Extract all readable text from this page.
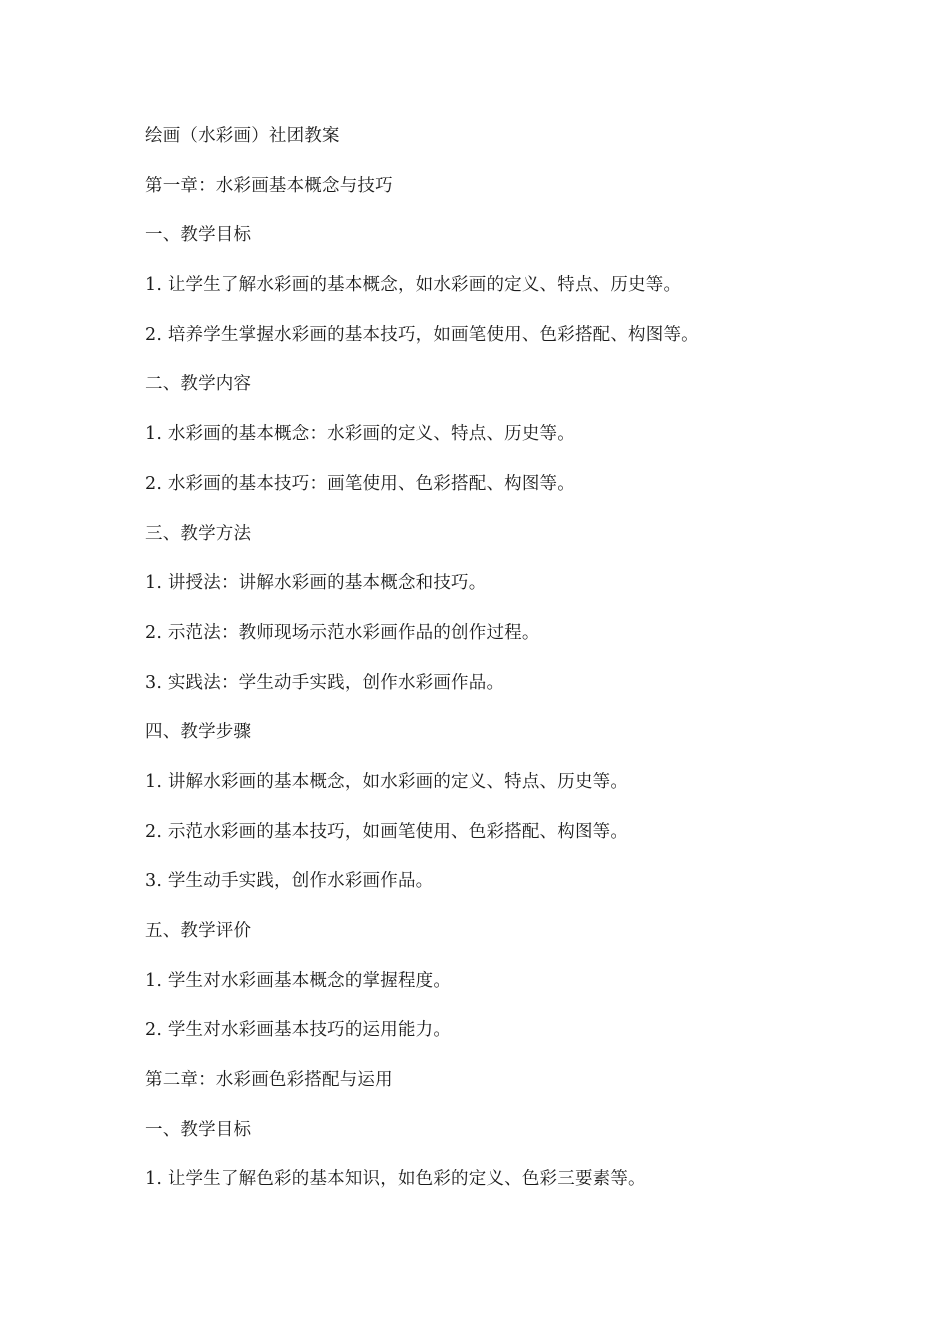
绘画（水彩画）社团教案
第一章：水彩画基本概念与技巧
一、教学目标
1. 让学生了解水彩画的基本概念，如水彩画的定义、特点、历史等。
2. 培养学生掌握水彩画的基本技巧，如画笔使用、色彩搭配、构图等。
二、教学内容
1. 水彩画的基本概念：水彩画的定义、特点、历史等。
2. 水彩画的基本技巧：画笔使用、色彩搭配、构图等。
三、教学方法
1. 讲授法：讲解水彩画的基本概念和技巧。
2. 示范法：教师现场示范水彩画作品的创作过程。
3. 实践法：学生动手实践，创作水彩画作品。
四、教学步骤
1. 讲解水彩画的基本概念，如水彩画的定义、特点、历史等。
2. 示范水彩画的基本技巧，如画笔使用、色彩搭配、构图等。
3. 学生动手实践，创作水彩画作品。
五、教学评价
1. 学生对水彩画基本概念的掌握程度。
2. 学生对水彩画基本技巧的运用能力。
第二章：水彩画色彩搭配与运用
一、教学目标
1. 让学生了解色彩的基本知识，如色彩的定义、色彩三要素等。
